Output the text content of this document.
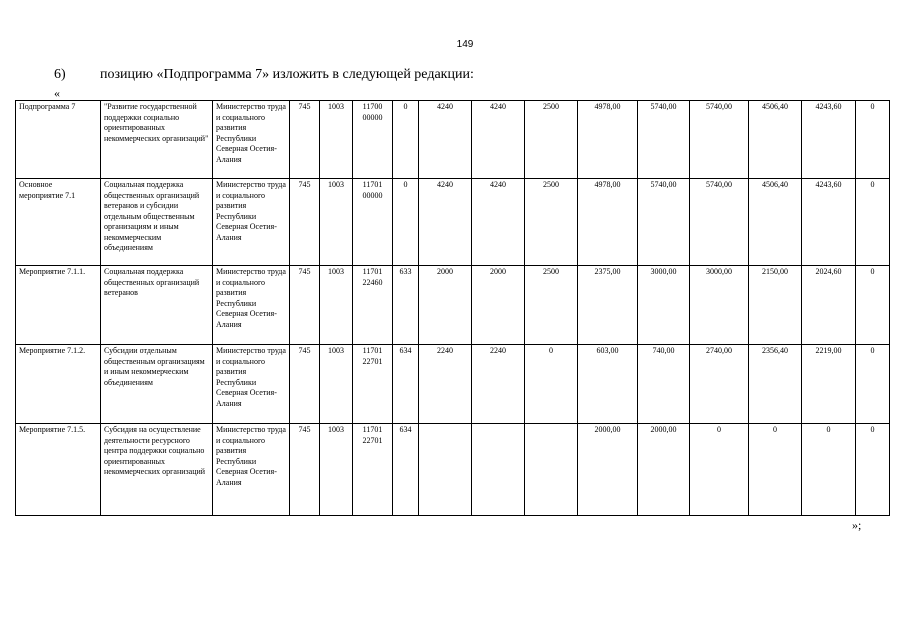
149
6) позицию «Подпрограмма 7» изложить в следующей редакции:
«
Подпрограмма 7	"Развитие государственной поддержки социально ориентированных некоммерческих организаций"	Министерство труда и социального развития Республики Северная Осетия-Алания	745	1003	11700 00000	0	4240	4240	2500	4978,00	5740,00	5740,00	4506,40	4243,60	0
Основное мероприятие 7.1	Социальная поддержка общественных организаций ветеранов и субсидии отдельным общественным организациям и иным некоммерческим объединениям	Министерство труда и социального развития Республики Северная Осетия-Алания	745	1003	11701 00000	0	4240	4240	2500	4978,00	5740,00	5740,00	4506,40	4243,60	0
Мероприятие 7.1.1.	Социальная поддержка общественных организаций ветеранов	Министерство труда и социального развития Республики Северная Осетия-Алания	745	1003	11701 22460	633	2000	2000	2500	2375,00	3000,00	3000,00	2150,00	2024,60	0
Мероприятие 7.1.2.	Субсидии отдельным общественным организациям и иным некоммерческим объединениям	Министерство труда и социального развития Республики Северная Осетия-Алания	745	1003	11701 22701	634	2240	2240	0	603,00	740,00	2740,00	2356,40	2219,00	0
Мероприятие 7.1.5.	Субсидия на осуществление деятельности ресурсного центра поддержки социально ориентированных некоммерческих организаций	Министерство труда и социального развития Республики Северная Осетия-Алания	745	1003	11701 22701	634				2000,00	2000,00	0	0	0	0
»;
